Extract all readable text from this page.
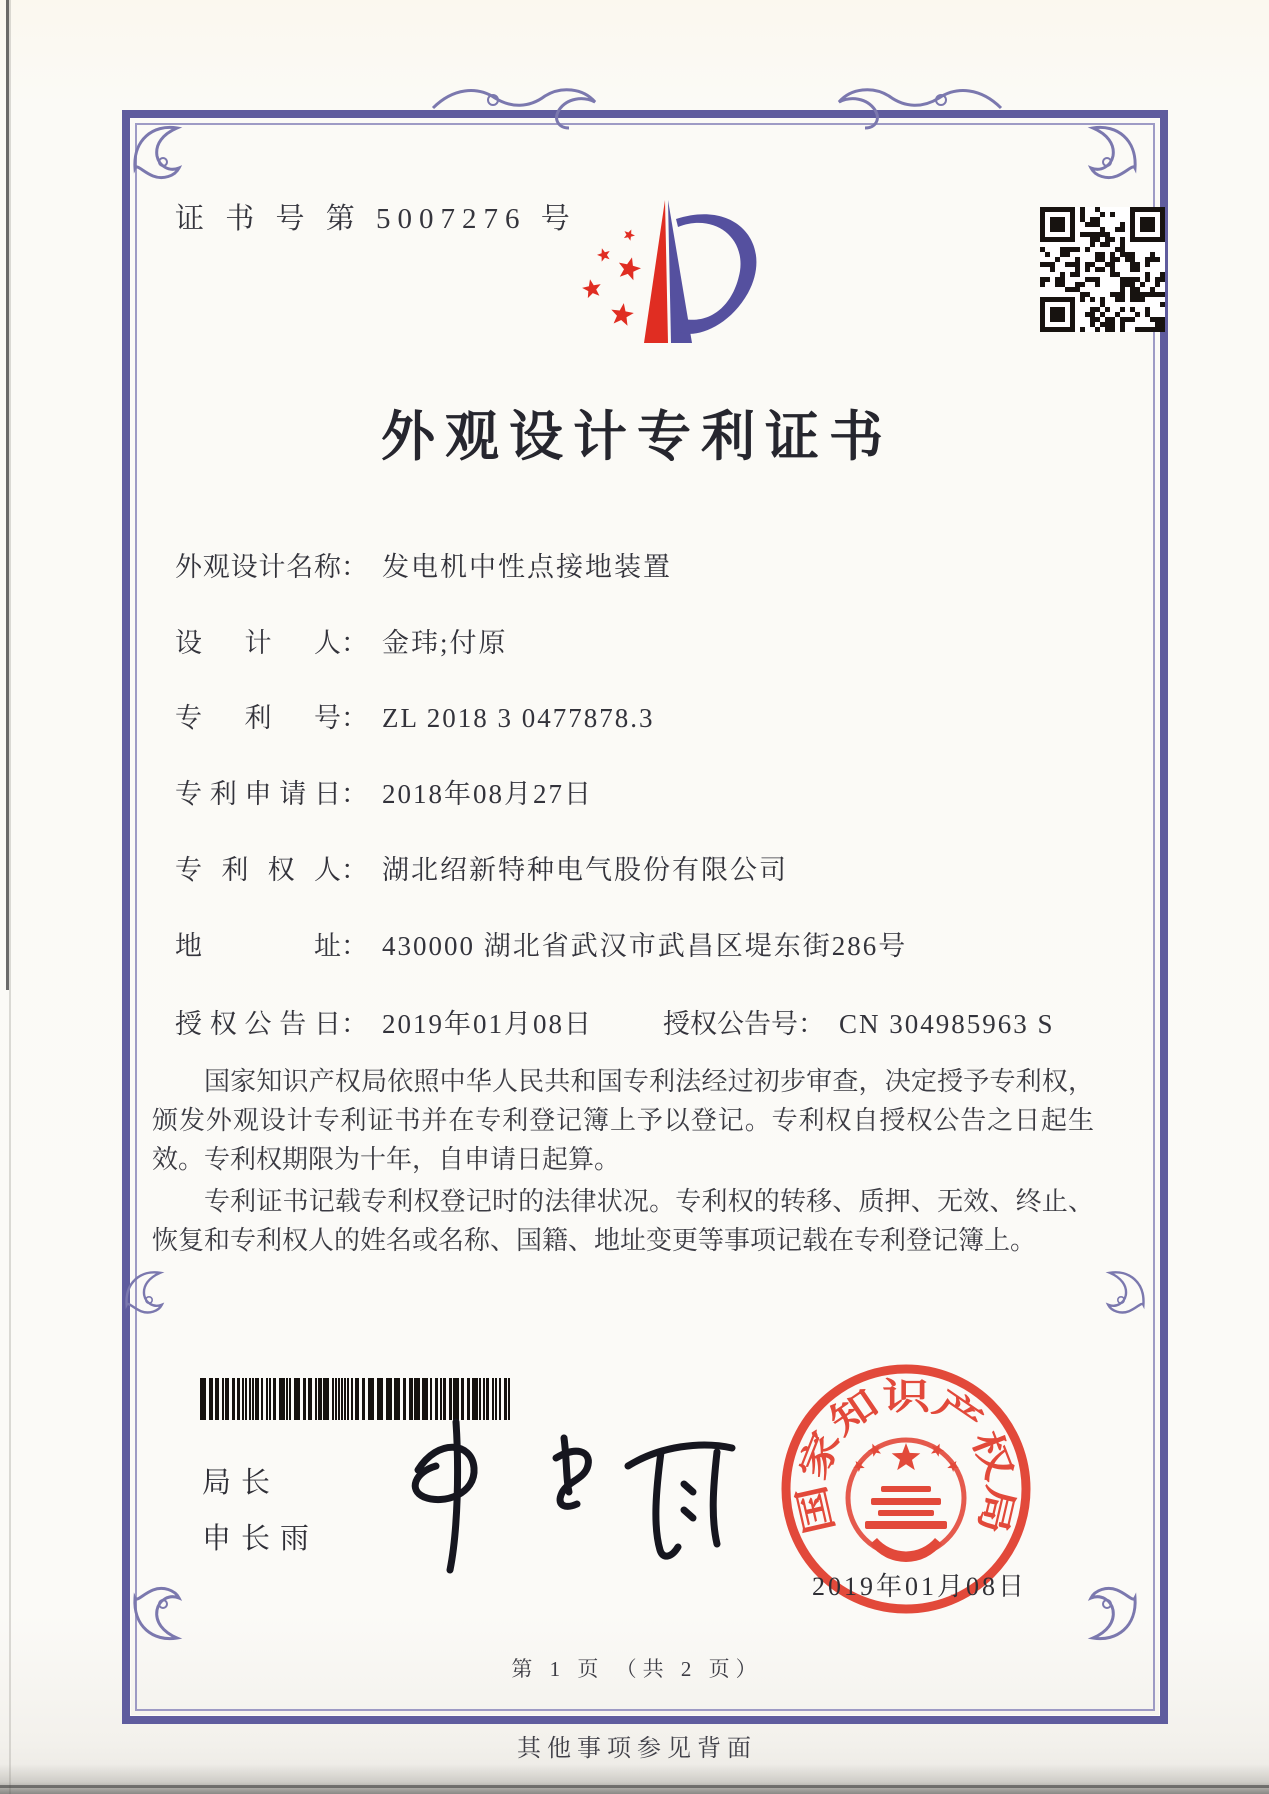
证 书 号 第 5007276 号
外观设计专利证书
外观设计名称： 发电机中性点接地装置
设计人： 金玮;付原
专利号： ZL 2018 3 0477878.3
专利申请日： 2018年08月27日
专利权人： 湖北绍新特种电气股份有限公司
地址： 430000 湖北省武汉市武昌区堤东街286号
授权公告日： 2019年01月08日	授权公告号： CN 304985963 S

国家知识产权局依照中华人民共和国专利法经过初步审查，决定授予专利权，颁发外观设计专利证书并在专利登记簿上予以登记。专利权自授权公告之日起生效。专利权期限为十年，自申请日起算。

专利证书记载专利权登记时的法律状况。专利权的转移、质押、无效、终止、恢复和专利权人的姓名或名称、国籍、地址变更等事项记载在专利登记簿上。

局长
申长雨
国家知识产权局
2019年01月08日
第 1 页 （共 2 页）
其他事项参见背面
